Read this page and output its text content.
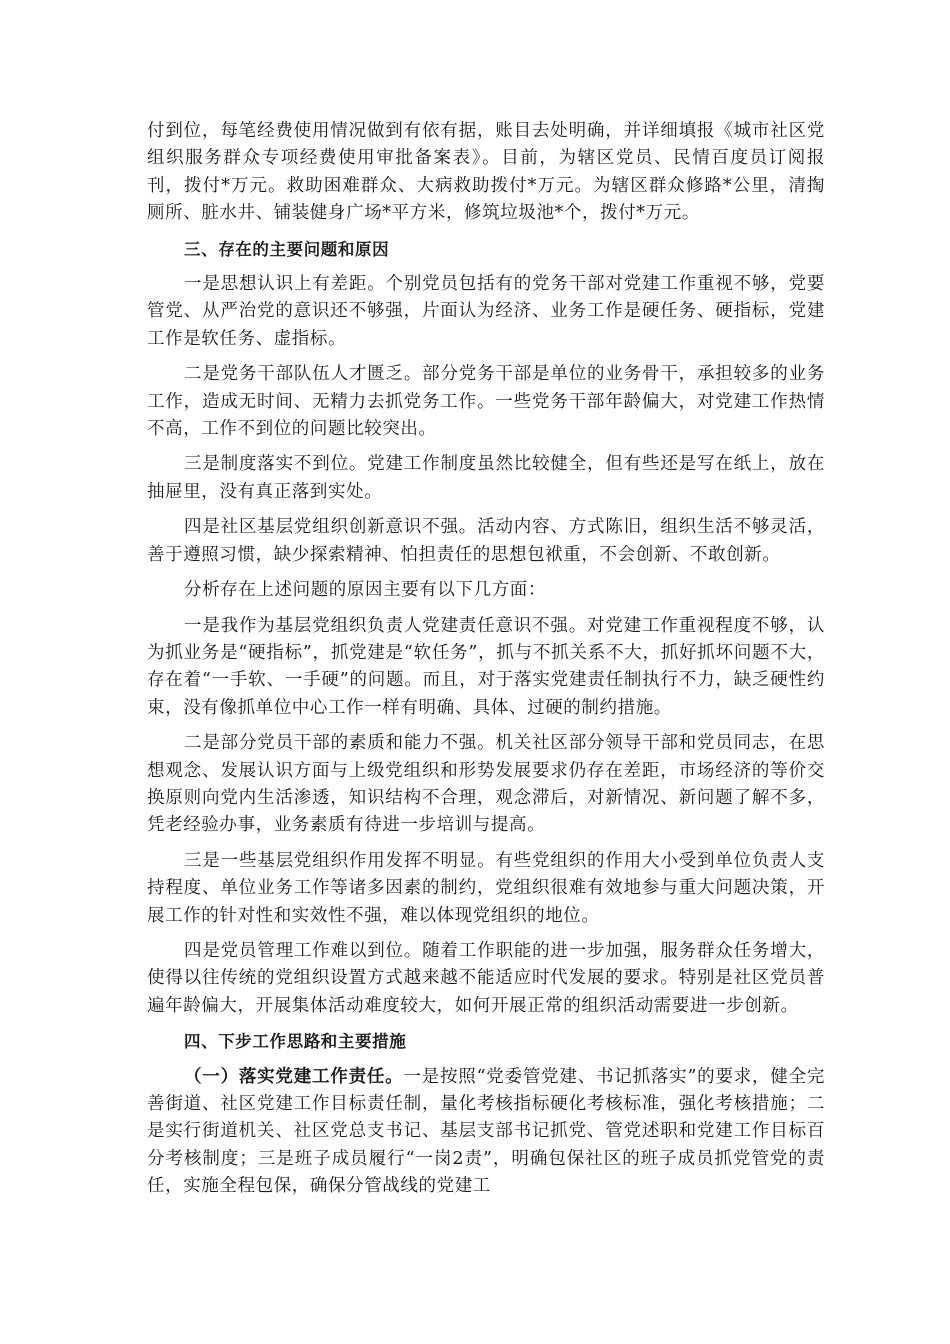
付到位，每笔经费使用情况做到有依有据，账目去处明确，并详细填报《城市社区党组织服务群众专项经费使用审批备案表》。目前，为辖区党员、民情百度员订阅报刊，拨付*万元。救助困难群众、大病救助拨付*万元。为辖区群众修路*公里，清掏厕所、脏水井、铺装健身广场*平方米，修筑垃圾池*个，拨付*万元。

三、存在的主要问题和原因

一是思想认识上有差距。个别党员包括有的党务干部对党建工作重视不够，党要管党、从严治党的意识还不够强，片面认为经济、业务工作是硬任务、硬指标，党建工作是软任务、虚指标。

二是党务干部队伍人才匮乏。部分党务干部是单位的业务骨干，承担较多的业务工作，造成无时间、无精力去抓党务工作。一些党务干部年龄偏大，对党建工作热情不高，工作不到位的问题比较突出。

三是制度落实不到位。党建工作制度虽然比较健全，但有些还是写在纸上，放在抽屉里，没有真正落到实处。

四是社区基层党组织创新意识不强。活动内容、方式陈旧，组织生活不够灵活，善于遵照习惯，缺少探索精神、怕担责任的思想包袱重，不会创新、不敢创新。

分析存在上述问题的原因主要有以下几方面：

一是我作为基层党组织负责人党建责任意识不强。对党建工作重视程度不够，认为抓业务是“硬指标”，抓党建是“软任务”，抓与不抓关系不大，抓好抓坏问题不大，存在着“一手软、一手硬”的问题。而且，对于落实党建责任制执行不力，缺乏硬性约束，没有像抓单位中心工作一样有明确、具体、过硬的制约措施。

二是部分党员干部的素质和能力不强。机关社区部分领导干部和党员同志，在思想观念、发展认识方面与上级党组织和形势发展要求仍存在差距，市场经济的等价交换原则向党内生活渗透，知识结构不合理，观念滞后，对新情况、新问题了解不多，凭老经验办事，业务素质有待进一步培训与提高。

三是一些基层党组织作用发挥不明显。有些党组织的作用大小受到单位负责人支持程度、单位业务工作等诸多因素的制约，党组织很难有效地参与重大问题决策，开展工作的针对性和实效性不强，难以体现党组织的地位。

四是党员管理工作难以到位。随着工作职能的进一步加强，服务群众任务增大，使得以往传统的党组织设置方式越来越不能适应时代发展的要求。特别是社区党员普遍年龄偏大，开展集体活动难度较大，如何开展正常的组织活动需要进一步创新。

四、下步工作思路和主要措施

（一）落实党建工作责任。一是按照“党委管党建、书记抓落实”的要求，健全完善街道、社区党建工作目标责任制，量化考核指标硬化考核标准，强化考核措施；二是实行街道机关、社区党总支书记、基层支部书记抓党、管党述职和党建工作目标百分考核制度；三是班子成员履行“一岗2责”，明确包保社区的班子成员抓党管党的责任，实施全程包保，确保分管战线的党建工
